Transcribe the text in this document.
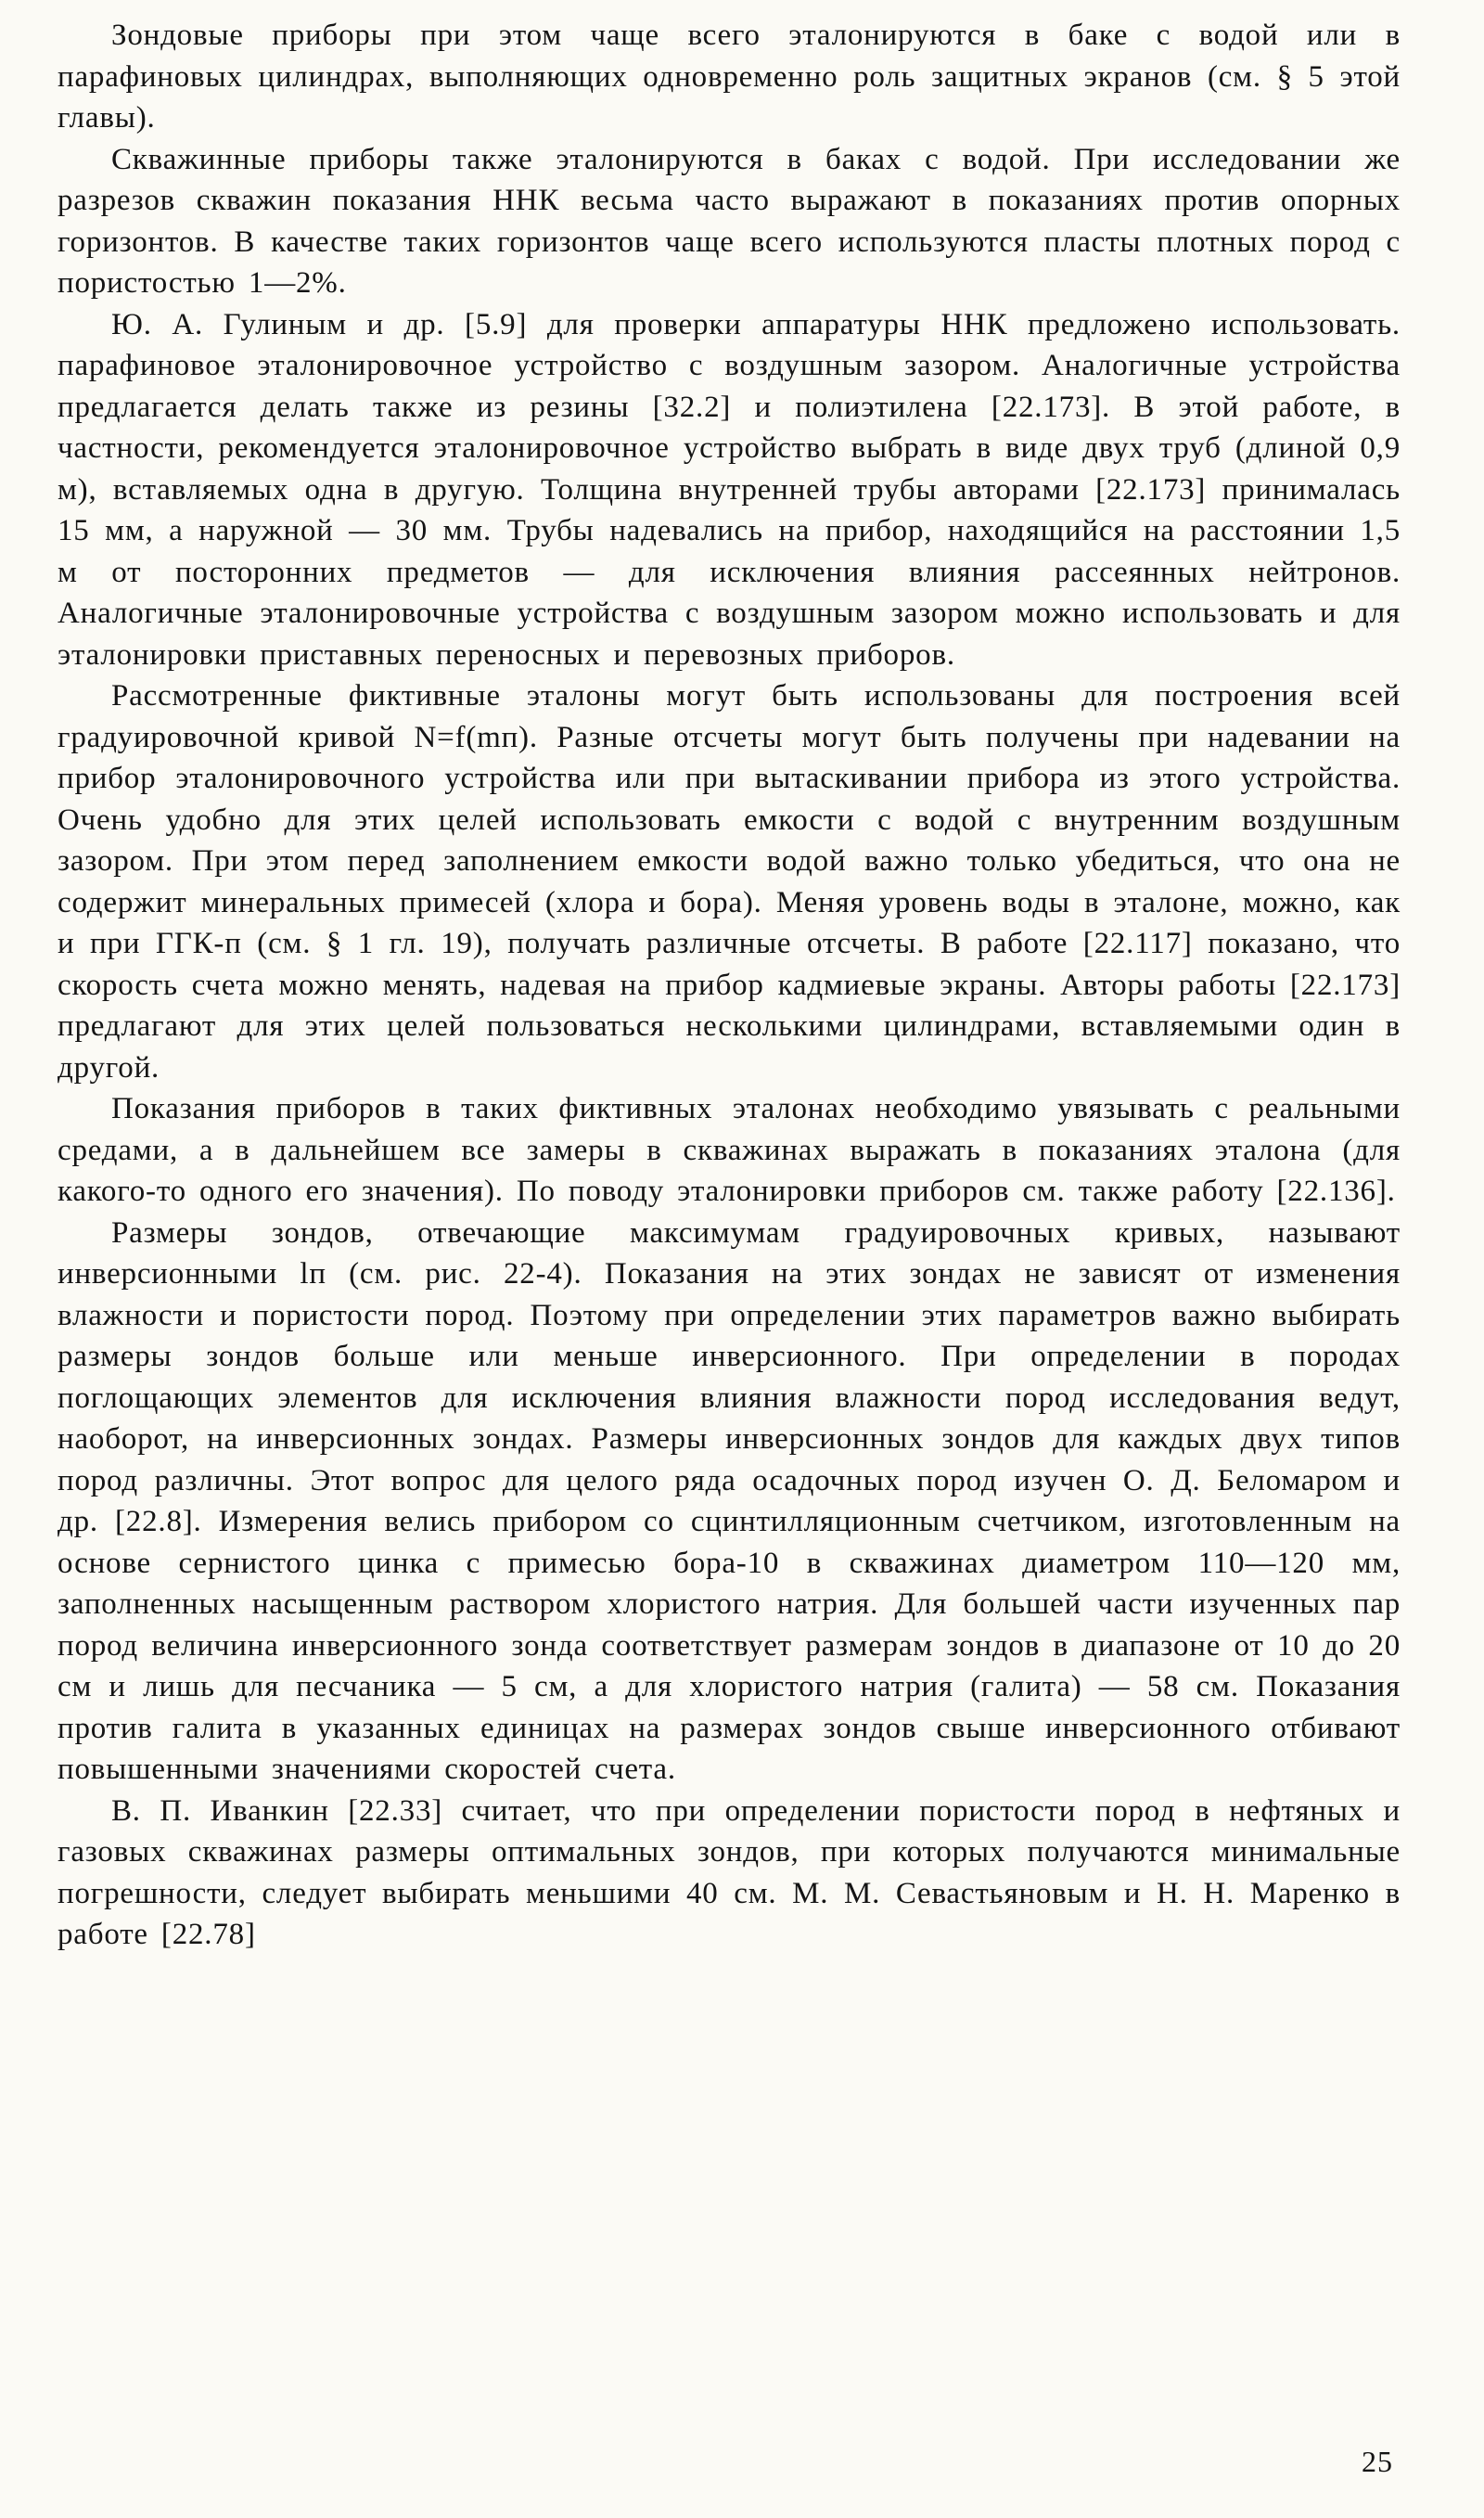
Зондовые приборы при этом чаще всего эталонируются в баке с водой или в парафиновых цилиндрах, выполняющих одновременно роль защитных экранов (см. § 5 этой главы).

Скважинные приборы также эталонируются в баках с водой. При исследовании же разрезов скважин показания ННК весьма часто выражают в показаниях против опорных горизонтов. В качестве таких горизонтов чаще всего используются пласты плотных пород с пористостью 1—2%.

Ю. А. Гулиным и др. [5.9] для проверки аппаратуры ННК предложено использовать. парафиновое эталонировочное устройство с воздушным зазором. Аналогичные устройства предлагается делать также из резины [32.2] и полиэтилена [22.173]. В этой работе, в частности, рекомендуется эталонировочное устройство выбрать в виде двух труб (длиной 0,9 м), вставляемых одна в другую. Толщина внутренней трубы авторами [22.173] принималась 15 мм, а наружной — 30 мм. Трубы надевались на прибор, находящийся на расстоянии 1,5 м от посторонних предметов — для исключения влияния рассеянных нейтронов. Аналогичные эталонировочные устройства с воздушным зазором можно использовать и для эталонировки приставных переносных и перевозных приборов.

Рассмотренные фиктивные эталоны могут быть использованы для построения всей градуировочной кривой N=f(mп). Разные отсчеты могут быть получены при надевании на прибор эталонировочного устройства или при вытаскивании прибора из этого устройства. Очень удобно для этих целей использовать емкости с водой с внутренним воздушным зазором. При этом перед заполнением емкости водой важно только убедиться, что она не содержит минеральных примесей (хлора и бора). Меняя уровень воды в эталоне, можно, как и при ГГК-п (см. § 1 гл. 19), получать различные отсчеты. В работе [22.117] показано, что скорость счета можно менять, надевая на прибор кадмиевые экраны. Авторы работы [22.173] предлагают для этих целей пользоваться несколькими цилиндрами, вставляемыми один в другой.

Показания приборов в таких фиктивных эталонах необходимо увязывать с реальными средами, а в дальнейшем все замеры в скважинах выражать в показаниях эталона (для какого-то одного его значения). По поводу эталонировки приборов см. также работу [22.136].

Размеры зондов, отвечающие максимумам градуировочных кривых, называют инверсионными lп (см. рис. 22-4). Показания на этих зондах не зависят от изменения влажности и пористости пород. Поэтому при определении этих параметров важно выбирать размеры зондов больше или меньше инверсионного. При определении в породах поглощающих элементов для исключения влияния влажности пород исследования ведут, наоборот, на инверсионных зондах. Размеры инверсионных зондов для каждых двух типов пород различны. Этот вопрос для целого ряда осадочных пород изучен О. Д. Беломаром и др. [22.8]. Измерения велись прибором со сцинтилляционным счетчиком, изготовленным на основе сернистого цинка с примесью бора-10 в скважинах диаметром 110—120 мм, заполненных насыщенным раствором хлористого натрия. Для большей части изученных пар пород величина инверсионного зонда соответствует размерам зондов в диапазоне от 10 до 20 см и лишь для песчаника — 5 см, а для хлористого натрия (галита) — 58 см. Показания против галита в указанных единицах на размерах зондов свыше инверсионного отбивают повышенными значениями скоростей счета.

В. П. Иванкин [22.33] считает, что при определении пористости пород в нефтяных и газовых скважинах размеры оптимальных зондов, при которых получаются минимальные погрешности, следует выбирать меньшими 40 см. М. М. Севастьяновым и Н. Н. Маренко в работе [22.78]

25
